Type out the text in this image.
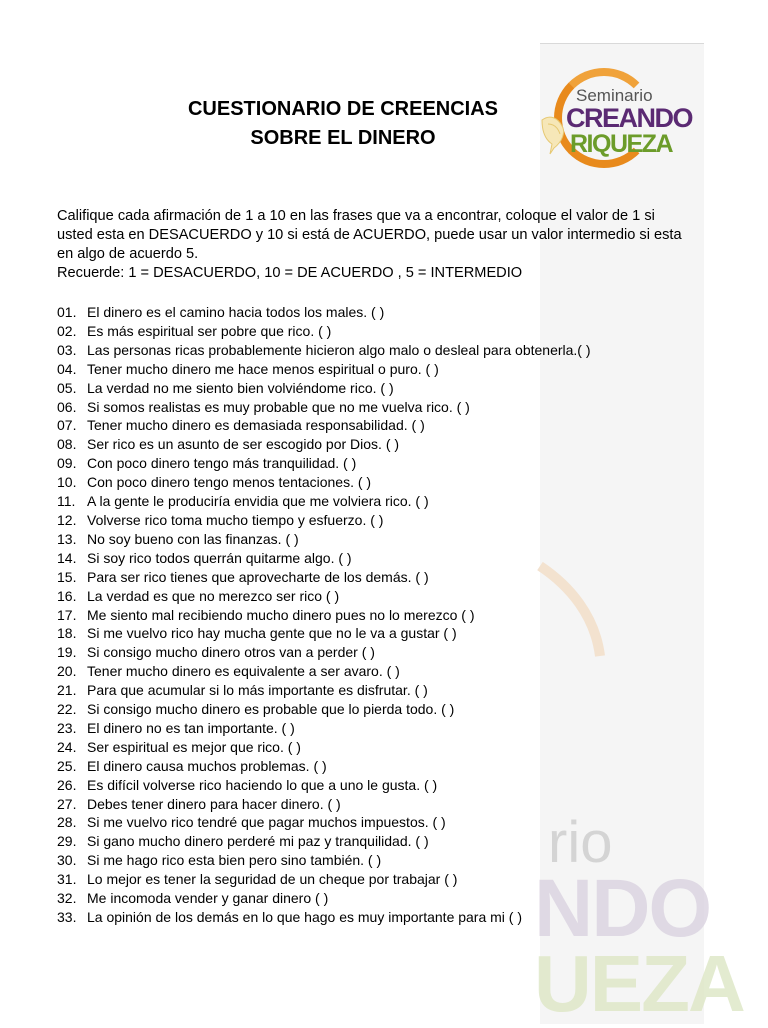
rio
NDO
UEZA
Seminario
CREANDO
RIQUEZA
CUESTIONARIO DE CREENCIAS
SOBRE EL DINERO
Califique cada afirmación de 1 a 10 en las frases que va a encontrar, coloque el valor de 1 si usted esta en DESACUERDO y 10 si está de ACUERDO, puede usar un valor intermedio si esta en algo de acuerdo 5.
Recuerde: 1 = DESACUERDO, 10 = DE ACUERDO , 5 = INTERMEDIO
01. El dinero es el camino hacia todos los males. ( )
02. Es más espiritual ser pobre que rico. ( )
03. Las personas ricas probablemente hicieron algo malo o desleal para obtenerla.( )
04. Tener mucho dinero me hace menos espiritual o puro. ( )
05. La verdad no me siento bien volviéndome rico. ( )
06. Si somos realistas es muy probable que no me vuelva rico. ( )
07. Tener mucho dinero es demasiada responsabilidad. ( )
08. Ser rico es un asunto de ser escogido por Dios. ( )
09. Con poco dinero tengo más tranquilidad. ( )
10. Con poco dinero tengo menos tentaciones. ( )
11. A la gente le produciría envidia que me volviera rico. ( )
12. Volverse rico toma mucho tiempo y esfuerzo. ( )
13. No soy bueno con las finanzas. ( )
14. Si soy rico todos querrán quitarme algo. ( )
15. Para ser rico tienes que aprovecharte de los demás. ( )
16. La verdad es que no merezco ser rico ( )
17. Me siento mal recibiendo mucho dinero pues no lo merezco ( )
18. Si me vuelvo rico hay mucha gente que no le va a gustar ( )
19. Si consigo mucho dinero otros van a perder ( )
20. Tener mucho dinero es equivalente a ser avaro. ( )
21. Para que acumular si lo más importante es disfrutar. ( )
22. Si consigo mucho dinero es probable que lo pierda todo. ( )
23. El dinero no es tan importante. ( )
24. Ser espiritual es mejor que rico. ( )
25. El dinero causa muchos problemas. ( )
26. Es difícil volverse rico haciendo lo que a uno le gusta. ( )
27. Debes tener dinero para hacer dinero. ( )
28. Si me vuelvo rico tendré que pagar muchos impuestos. ( )
29. Si gano mucho dinero perderé mi paz y tranquilidad. ( )
30. Si me hago rico esta bien pero sino también. ( )
31. Lo mejor es tener la seguridad de un cheque por trabajar ( )
32. Me incomoda vender y ganar dinero ( )
33. La opinión de los demás en lo que hago es muy importante para mi ( )
